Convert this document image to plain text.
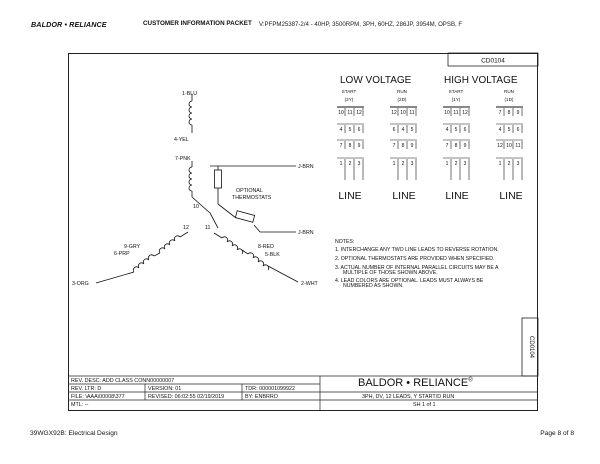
BALDOR • RELIANCE	CUSTOMER INFORMATION PACKET V:PFPM25387-2/4 - 40HP, 3500RPM, 3PH, 60HZ, 286JP, 3954M, OPSB, F
CD0104
1-BLU
4-YEL
7-PNK
J-BRN
OPTIONAL
THERMOSTATS
10
11
12
J-BRN
9-GRY
6-PRP
8-RED
5-BLK
3-ORG	2-WHT
LOW VOLTAGE	HIGH VOLTAGE
START
(2Y)
RUN
(2D)
START
(1Y)
RUN
(1D)
10 11 12
4 5 6
7 8 9
1 2 3
12 10 11
6 4 5
7 8 9
1 2 3
10 11 12
4 5 6
7 8 9
1 2 3
7 8 9
4 5 6
12 10 11
1 2 3
LINE	LINE	LINE	LINE
NOTES:
1. INTERCHANGE ANY TWO LINE LEADS TO REVERSE ROTATION.
2. OPTIONAL THERMOSTATS ARE PROVIDED WHEN SPECIFIED.
3. ACTUAL NUMBER OF INTERNAL PARALLEL CIRCUITS MAY BE A
MULTIPLE OF THOSE SHOWN ABOVE.
4. LEAD COLORS ARE OPTIONAL. LEADS MUST ALWAYS BE
NUMBERED AS SHOWN.
CD0104
REV. DESC: ADD CLASS CONN00000007
REV. LTR: D	VERSION: 01	TDR: 000001099922
FILE: \AAA\00008\377	REVISED: 06:02:55 02/19/2019	BY: ENBRRO
MTL: --
BALDOR • RELIANCE®
3PH, DV, 12 LEADS, Y START/D RUN
SH 1 of 1
39WGX92B: Electrical Design	Page 8 of 8
